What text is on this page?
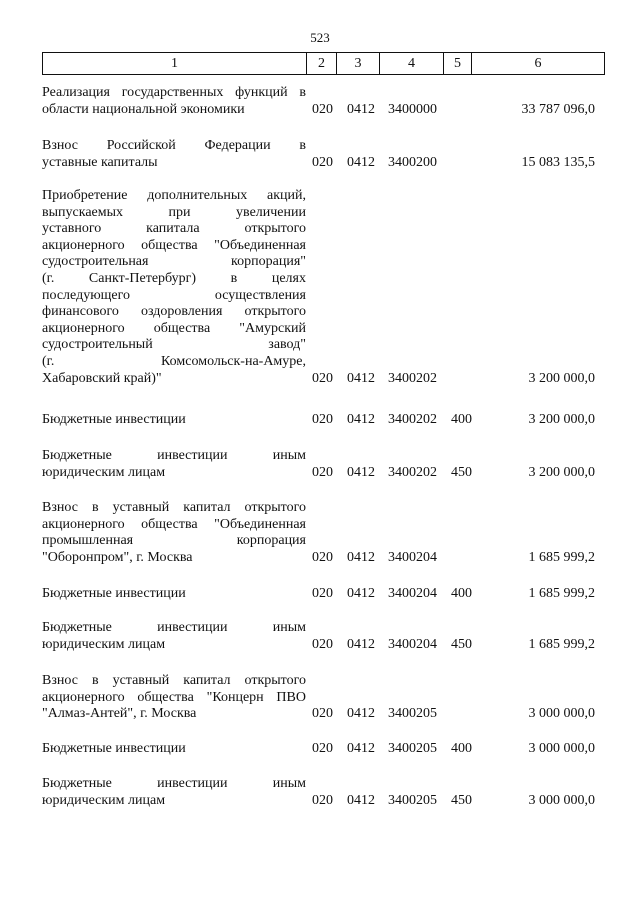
523
1	2	3	4	5	6
Реализация государственных функций в
области национальной экономики	020 0412 3400000	33 787 096,0
Взнос Российской Федерации в
уставные капиталы	020 0412 3400200	15 083 135,5
Приобретение дополнительных акций,
выпускаемых при увеличении
уставного капитала открытого
акционерного общества "Объединенная
судостроительная корпорация"
(г. Санкт-Петербург) в целях
последующего осуществления
финансового оздоровления открытого
акционерного общества "Амурский
судостроительный завод"
(г. Комсомольск-на-Амуре,
Хабаровский край)"	020 0412 3400202	3 200 000,0
Бюджетные инвестиции	020 0412 3400202 400	3 200 000,0
Бюджетные инвестиции иным
юридическим лицам	020 0412 3400202 450	3 200 000,0
Взнос в уставный капитал открытого
акционерного общества "Объединенная
промышленная корпорация
"Оборонпром", г. Москва	020 0412 3400204	1 685 999,2
Бюджетные инвестиции	020 0412 3400204 400	1 685 999,2
Бюджетные инвестиции иным
юридическим лицам	020 0412 3400204 450	1 685 999,2
Взнос в уставный капитал открытого
акционерного общества "Концерн ПВО
"Алмаз-Антей", г. Москва	020 0412 3400205	3 000 000,0
Бюджетные инвестиции	020 0412 3400205 400	3 000 000,0
Бюджетные инвестиции иным
юридическим лицам	020 0412 3400205 450	3 000 000,0
